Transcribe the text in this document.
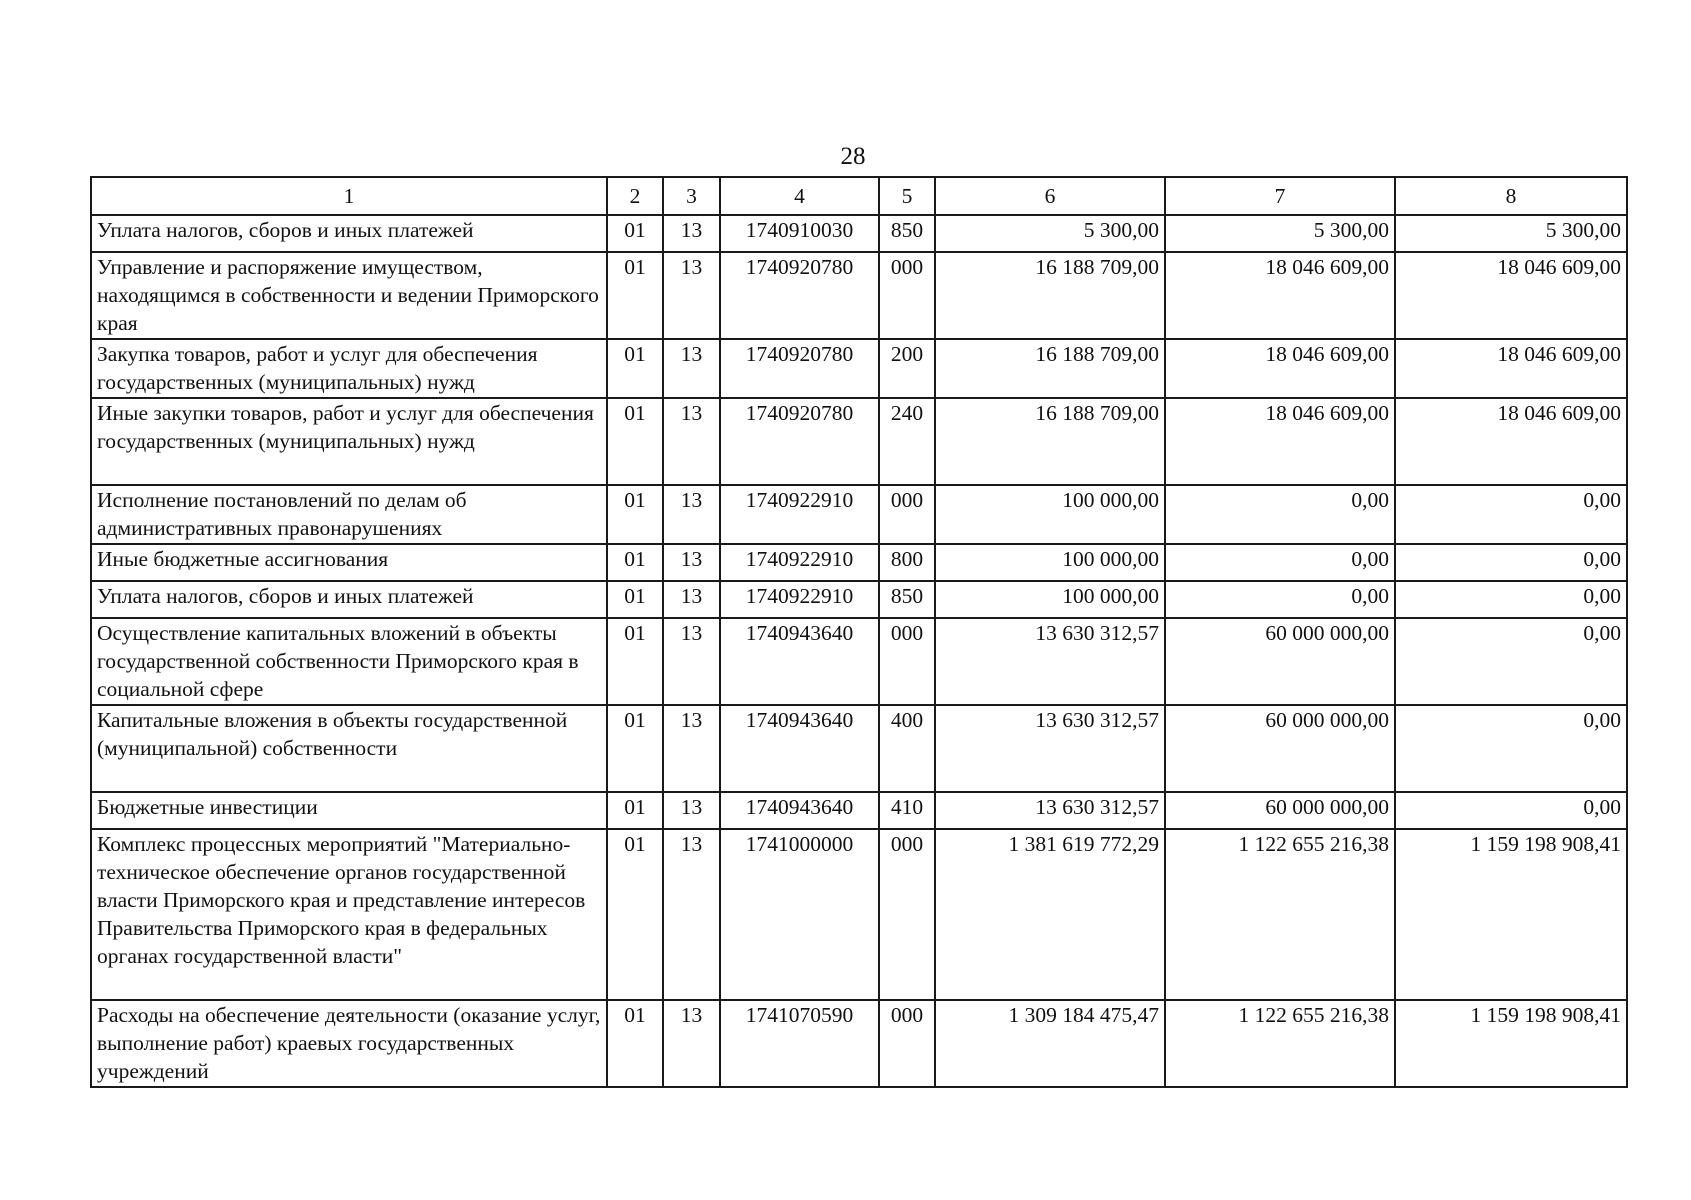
28
1	2	3	4	5	6	7	8
Уплата налогов, сборов и иных платежей	01	13	1740910030	850	5 300,00	5 300,00	5 300,00
Управление и распоряжение имуществом, находящимся в собственности и ведении Приморского края	01	13	1740920780	000	16 188 709,00	18 046 609,00	18 046 609,00
Закупка товаров, работ и услуг для обеспечения государственных (муниципальных) нужд	01	13	1740920780	200	16 188 709,00	18 046 609,00	18 046 609,00
Иные закупки товаров, работ и услуг для обеспечения государственных (муниципальных) нужд	01	13	1740920780	240	16 188 709,00	18 046 609,00	18 046 609,00
Исполнение постановлений по делам об административных правонарушениях	01	13	1740922910	000	100 000,00	0,00	0,00
Иные бюджетные ассигнования	01	13	1740922910	800	100 000,00	0,00	0,00
Уплата налогов, сборов и иных платежей	01	13	1740922910	850	100 000,00	0,00	0,00
Осуществление капитальных вложений в объекты государственной собственности Приморского края в социальной сфере	01	13	1740943640	000	13 630 312,57	60 000 000,00	0,00
Капитальные вложения в объекты государственной (муниципальной) собственности	01	13	1740943640	400	13 630 312,57	60 000 000,00	0,00
Бюджетные инвестиции	01	13	1740943640	410	13 630 312,57	60 000 000,00	0,00
Комплекс процессных мероприятий "Материально-техническое обеспечение органов государственной власти Приморского края и представление интересов Правительства Приморского края в федеральных органах государственной власти"	01	13	1741000000	000	1 381 619 772,29	1 122 655 216,38	1 159 198 908,41
Расходы на обеспечение деятельности (оказание услуг, выполнение работ) краевых государственных учреждений	01	13	1741070590	000	1 309 184 475,47	1 122 655 216,38	1 159 198 908,41
